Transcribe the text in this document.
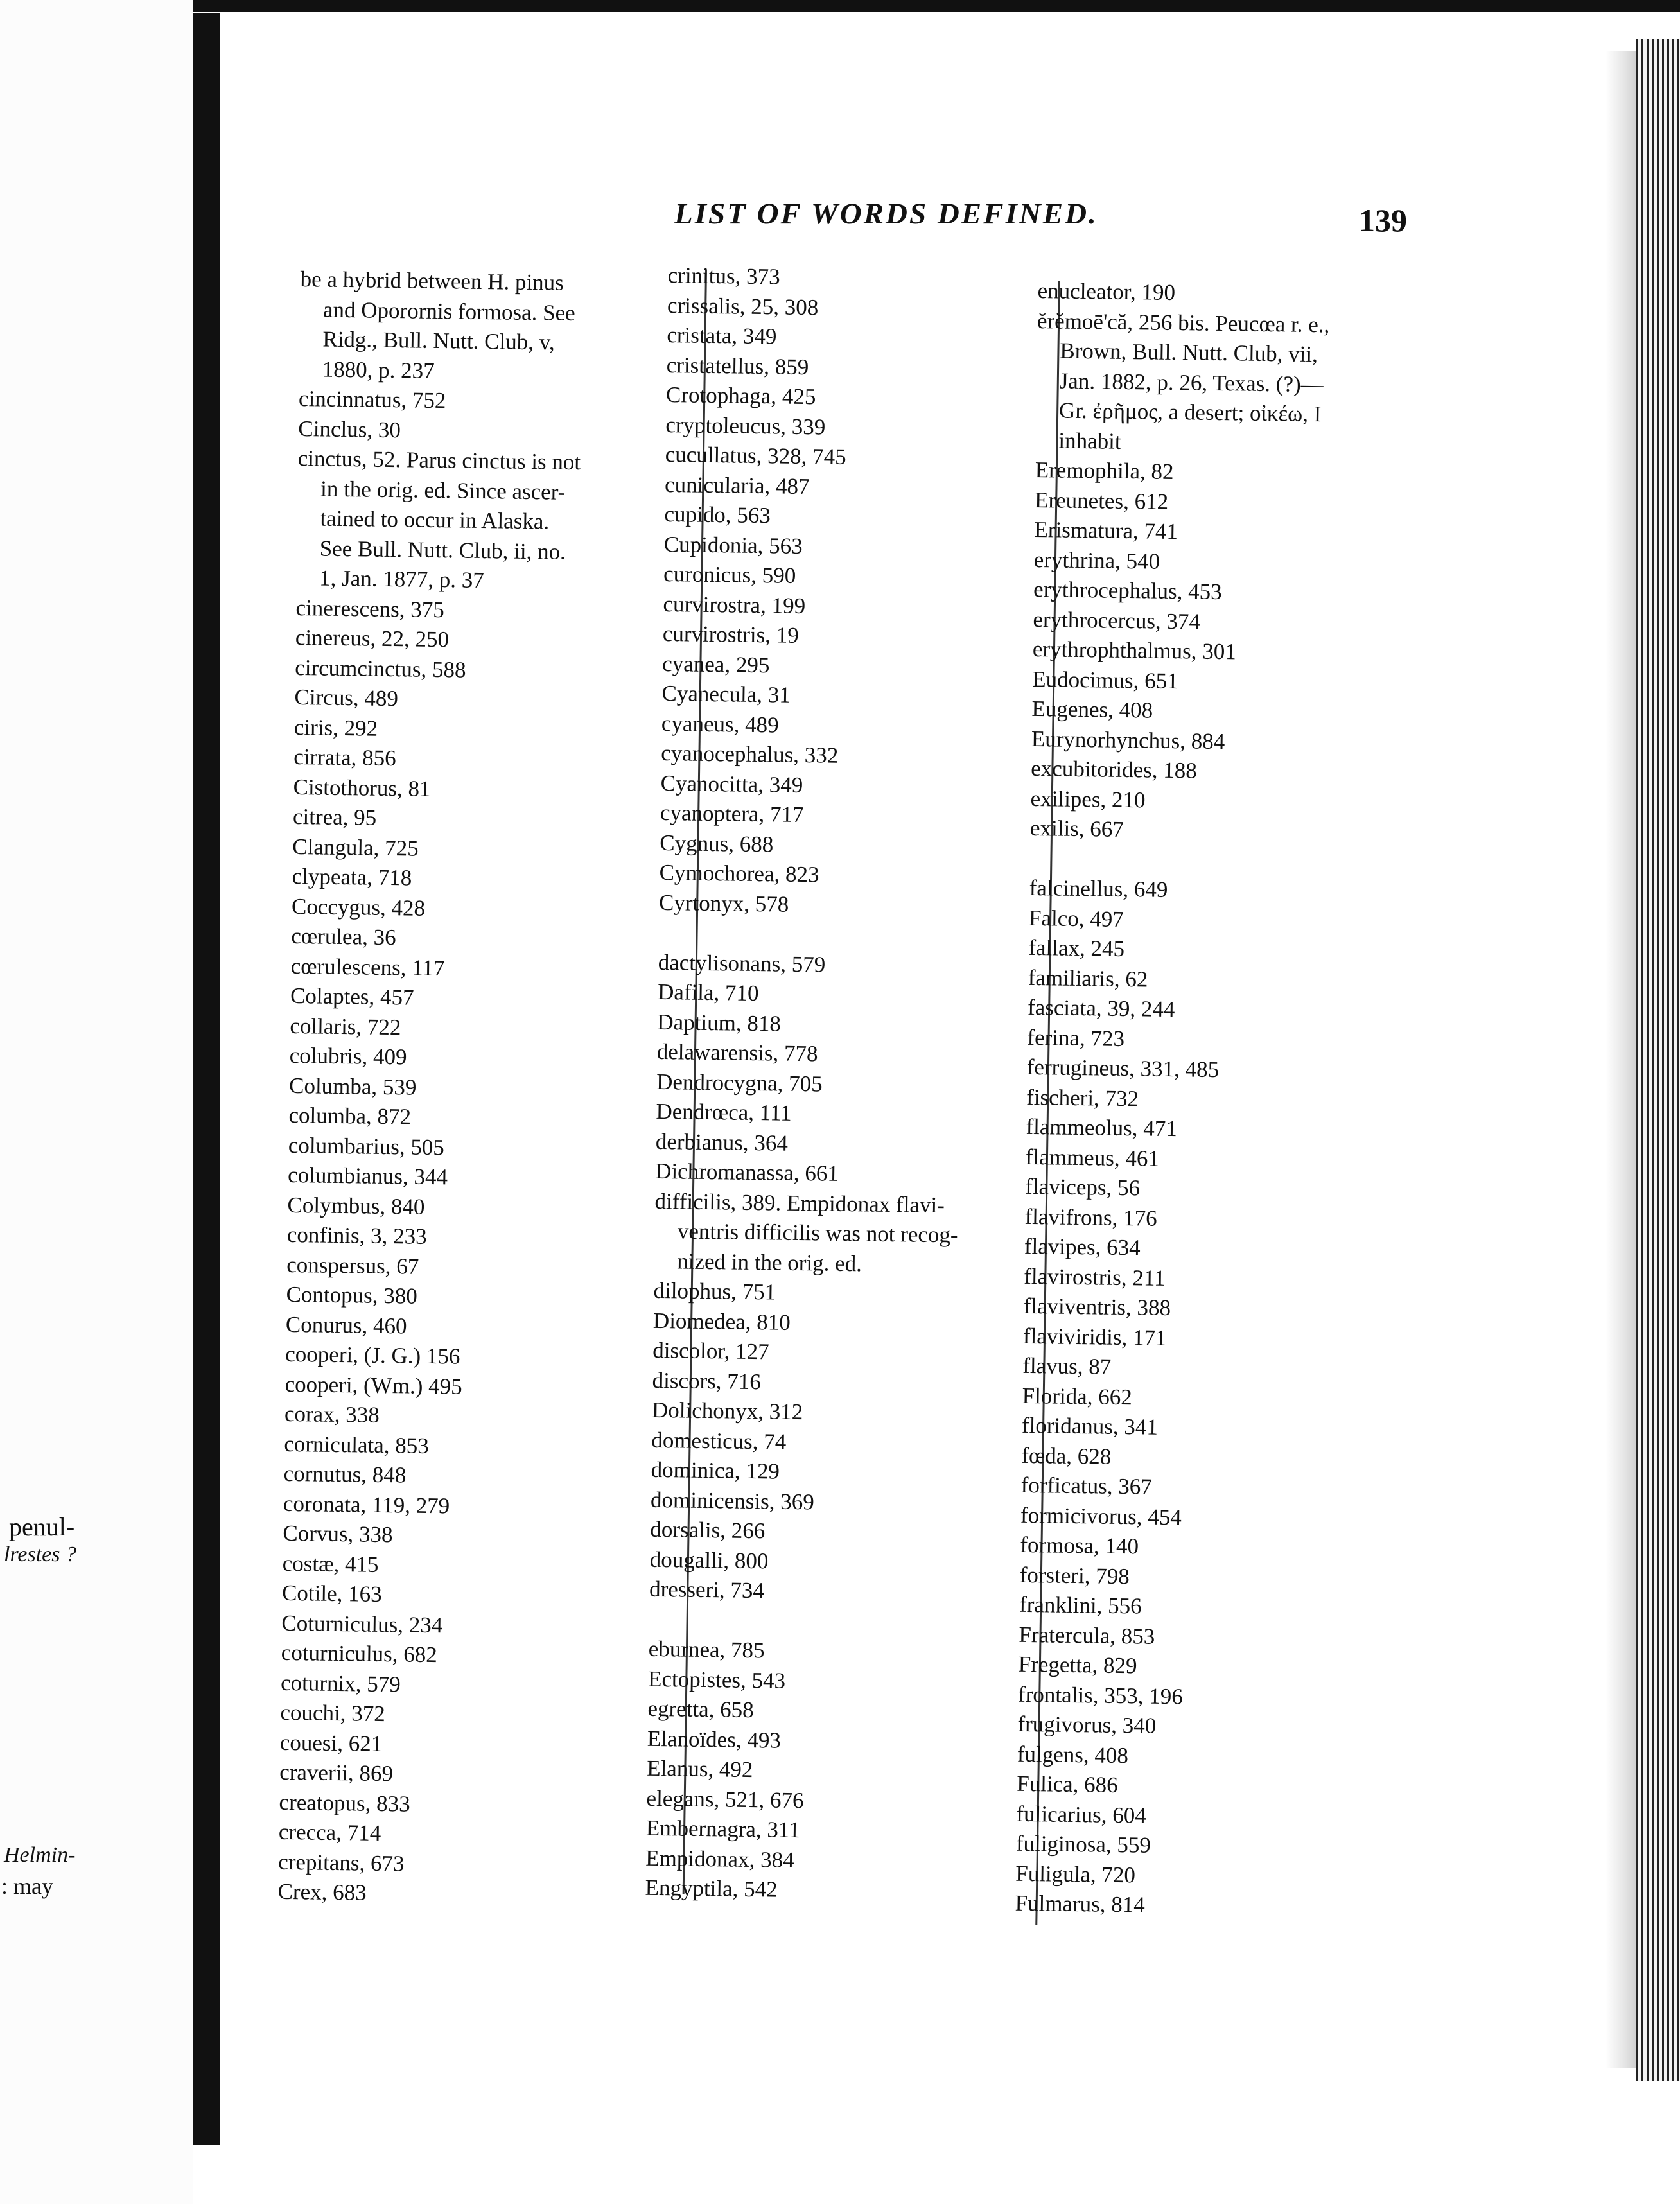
penul-
lrestes ?
Helmin-
: may
LIST OF WORDS DEFINED.	139
be a hybrid between H. pinus
and Oporornis formosa. See
Ridg., Bull. Nutt. Club, v,
1880, p. 237
cincinnatus, 752
Cinclus, 30
cinctus, 52. Parus cinctus is not
in the orig. ed. Since ascer-
tained to occur in Alaska.
See Bull. Nutt. Club, ii, no.
1, Jan. 1877, p. 37
cinerescens, 375
cinereus, 22, 250
circumcinctus, 588
Circus, 489
ciris, 292
cirrata, 856
Cistothorus, 81
citrea, 95
Clangula, 725
clypeata, 718
Coccygus, 428
cœrulea, 36
cœrulescens, 117
Colaptes, 457
collaris, 722
colubris, 409
Columba, 539
columba, 872
columbarius, 505
columbianus, 344
Colymbus, 840
confinis, 3, 233
conspersus, 67
Contopus, 380
Conurus, 460
cooperi, (J. G.) 156
cooperi, (Wm.) 495
corax, 338
corniculata, 853
cornutus, 848
coronata, 119, 279
Corvus, 338
costæ, 415
Cotile, 163
Coturniculus, 234
coturniculus, 682
coturnix, 579
couchi, 372
couesi, 621
craverii, 869
creatopus, 833
crecca, 714
crepitans, 673
Crex, 683
crinitus, 373
crissalis, 25, 308
cristata, 349
cristatellus, 859
Crotophaga, 425
cryptoleucus, 339
cucullatus, 328, 745
cunicularia, 487
cupido, 563
Cupidonia, 563
curonicus, 590
curvirostra, 199
curvirostris, 19
cyanea, 295
Cyanecula, 31
cyaneus, 489
cyanocephalus, 332
Cyanocitta, 349
cyanoptera, 717
Cygnus, 688
Cymochorea, 823
Cyrtonyx, 578
dactylisonans, 579
Dafila, 710
Daptium, 818
delawarensis, 778
Dendrocygna, 705
Dendrœca, 111
derbianus, 364
Dichromanassa, 661
difficilis, 389. Empidonax flavi-
ventris difficilis was not recog-
nized in the orig. ed.
dilophus, 751
Diomedea, 810
discolor, 127
discors, 716
Dolichonyx, 312
domesticus, 74
dominica, 129
dominicensis, 369
dorsalis, 266
dougalli, 800
dresseri, 734
eburnea, 785
Ectopistes, 543
egretta, 658
Elanoïdes, 493
Elanus, 492
elegans, 521, 676
Embernagra, 311
Empidonax, 384
Engyptila, 542
enucleator, 190
ĕrĕmoē'că, 256 bis. Peucœa r. e.,
Brown, Bull. Nutt. Club, vii,
Jan. 1882, p. 26, Texas. (?)—
Gr. ἐρῆμος, a desert; οἰκέω, I
inhabit
Eremophila, 82
Ereunetes, 612
Erismatura, 741
erythrina, 540
erythrocephalus, 453
erythrocercus, 374
erythrophthalmus, 301
Eudocimus, 651
Eugenes, 408
Eurynorhynchus, 884
excubitorides, 188
exilipes, 210
exilis, 667
falcinellus, 649
Falco, 497
fallax, 245
familiaris, 62
fasciata, 39, 244
ferina, 723
ferrugineus, 331, 485
fischeri, 732
flammeolus, 471
flammeus, 461
flaviceps, 56
flavifrons, 176
flavipes, 634
flavirostris, 211
flaviventris, 388
flaviviridis, 171
flavus, 87
Florida, 662
floridanus, 341
fœda, 628
forficatus, 367
formicivorus, 454
formosa, 140
forsteri, 798
franklini, 556
Fratercula, 853
Fregetta, 829
frontalis, 353, 196
frugivorus, 340
fulgens, 408
Fulica, 686
fulicarius, 604
fuliginosa, 559
Fuligula, 720
Fulmarus, 814
